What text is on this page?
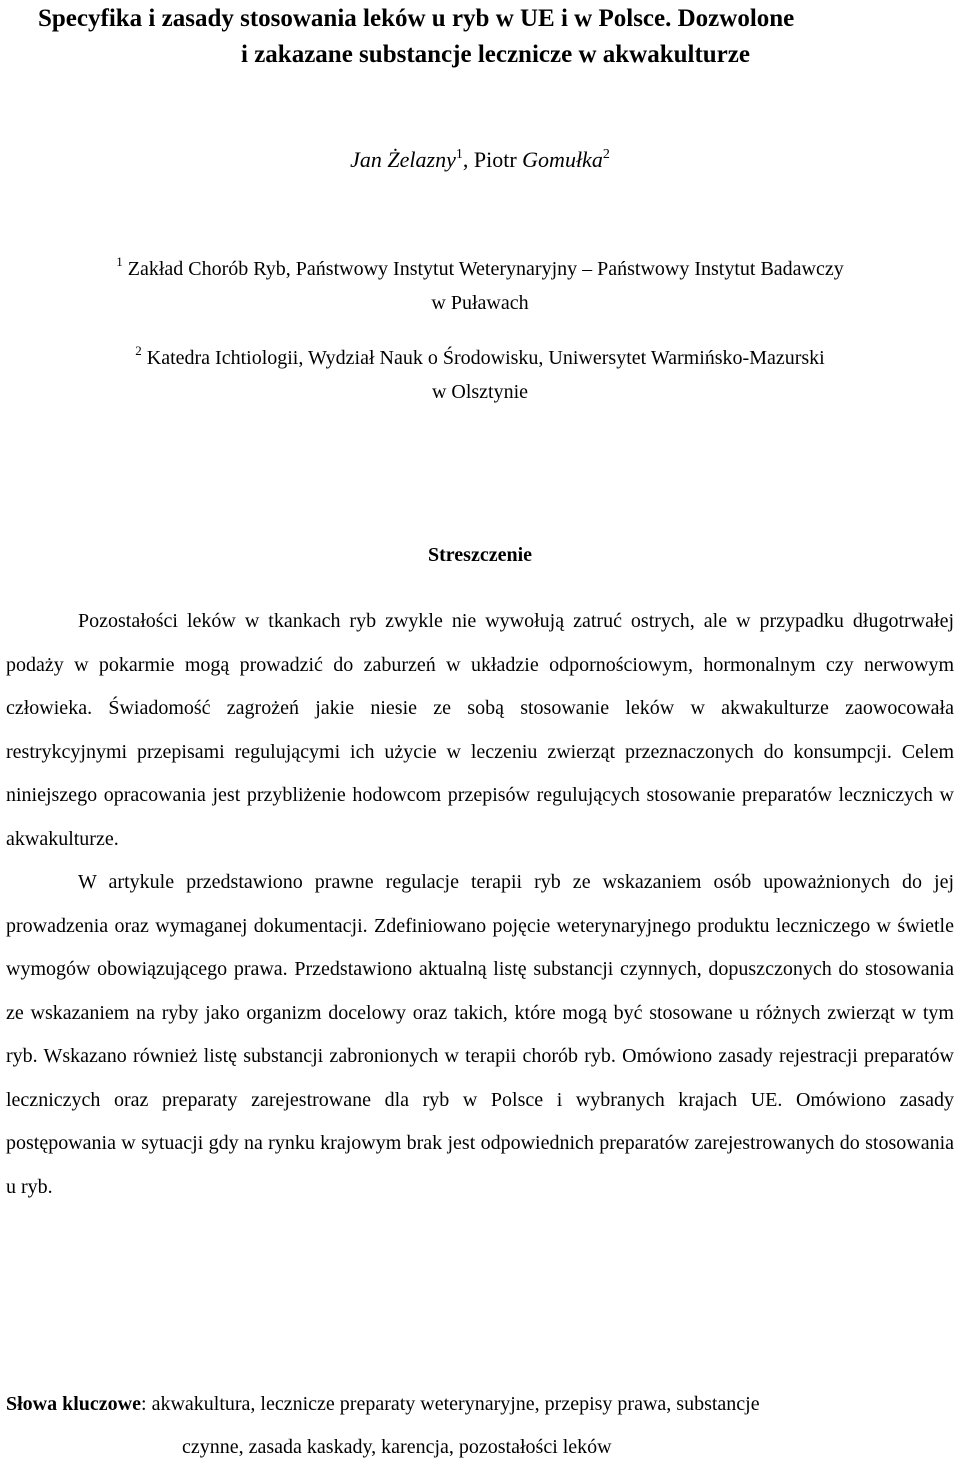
Specyfika i zasady stosowania leków u ryb w UE i w Polsce. Dozwolone
i zakazane substancje lecznicze w akwakulturze
Jan Żelazny$^1$, Piotr Gomułka$^2$
$^1$ Zakład Chorób Ryb, Państwowy Instytut Weterynaryjny – Państwowy Instytut Badawczy
w Puławach
$^2$ Katedra Ichtiologii, Wydział Nauk o Środowisku, Uniwersytet Warmińsko-Mazurski
w Olsztynie
Streszczenie

Pozostałości leków w tkankach ryb zwykle nie wywołują zatruć ostrych, ale w przypadku długotrwałej podaży w pokarmie mogą prowadzić do zaburzeń w układzie odpornościowym, hormonalnym czy nerwowym człowieka. Świadomość zagrożeń jakie niesie ze sobą stosowanie leków w akwakulturze zaowocowała restrykcyjnymi przepisami regulującymi ich użycie w leczeniu zwierząt przeznaczonych do konsumpcji. Celem niniejszego opracowania jest przybliżenie hodowcom przepisów regulujących stosowanie preparatów leczniczych w akwakulturze.

W artykule przedstawiono prawne regulacje terapii ryb ze wskazaniem osób upoważnionych do jej prowadzenia oraz wymaganej dokumentacji. Zdefiniowano pojęcie weterynaryjnego produktu leczniczego w świetle wymogów obowiązującego prawa. Przedstawiono aktualną listę substancji czynnych, dopuszczonych do stosowania ze wskazaniem na ryby jako organizm docelowy oraz takich, które mogą być stosowane u różnych zwierząt w tym ryb. Wskazano również listę substancji zabronionych w terapii chorób ryb. Omówiono zasady rejestracji preparatów leczniczych oraz preparaty zarejestrowane dla ryb w Polsce i wybranych krajach UE. Omówiono zasady postępowania w sytuacji gdy na rynku krajowym brak jest odpowiednich preparatów zarejestrowanych do stosowania u ryb.

Słowa kluczowe: akwakultura, lecznicze preparaty weterynaryjne, przepisy prawa, substancje
czynne, zasada kaskady, karencja, pozostałości leków
